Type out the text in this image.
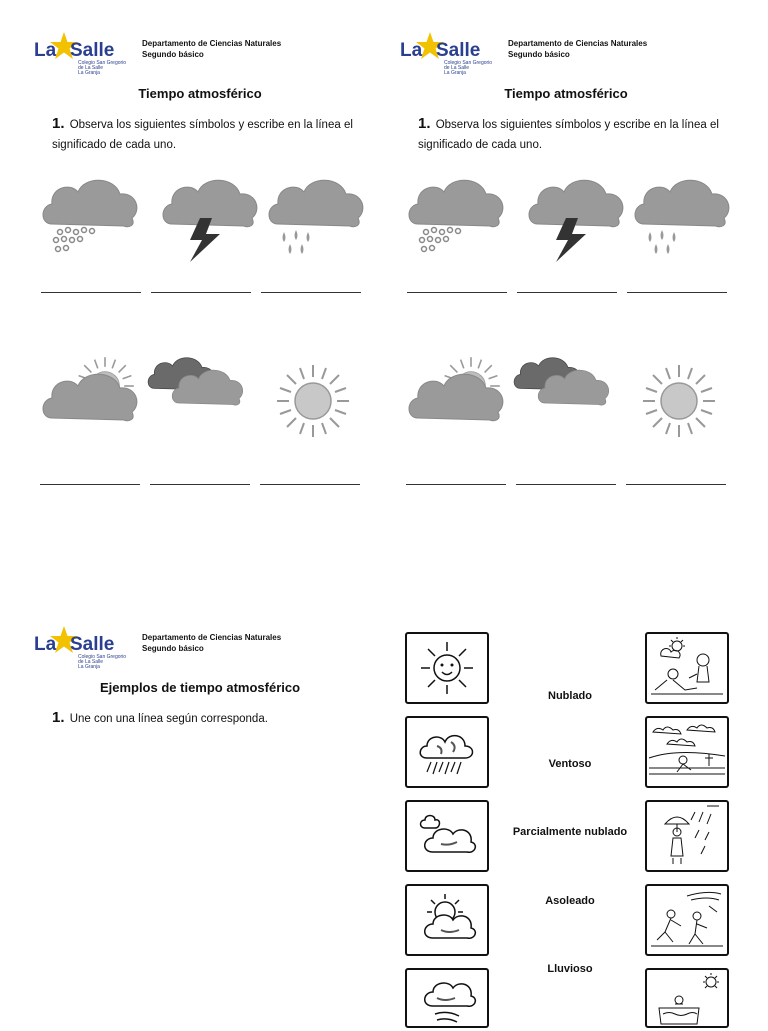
La Salle
Colegio San Gregorio
de La Salle
La Granja
Departamento de Ciencias Naturales
Segundo básico
Tiempo atmosférico
1. Observa los siguientes símbolos y escribe en la línea el significado de cada uno.
La Salle
Colegio San Gregorio
de La Salle
La Granja
Departamento de Ciencias Naturales
Segundo básico
Tiempo atmosférico
1. Observa los siguientes símbolos y escribe en la línea el significado de cada uno.
La Salle
Colegio San Gregorio
de La Salle
La Granja
Departamento de Ciencias Naturales
Segundo básico
Ejemplos de tiempo atmosférico
1. Une con una línea según corresponda.
Nublado
Ventoso
Parcialmente nublado
Asoleado
Lluvioso
